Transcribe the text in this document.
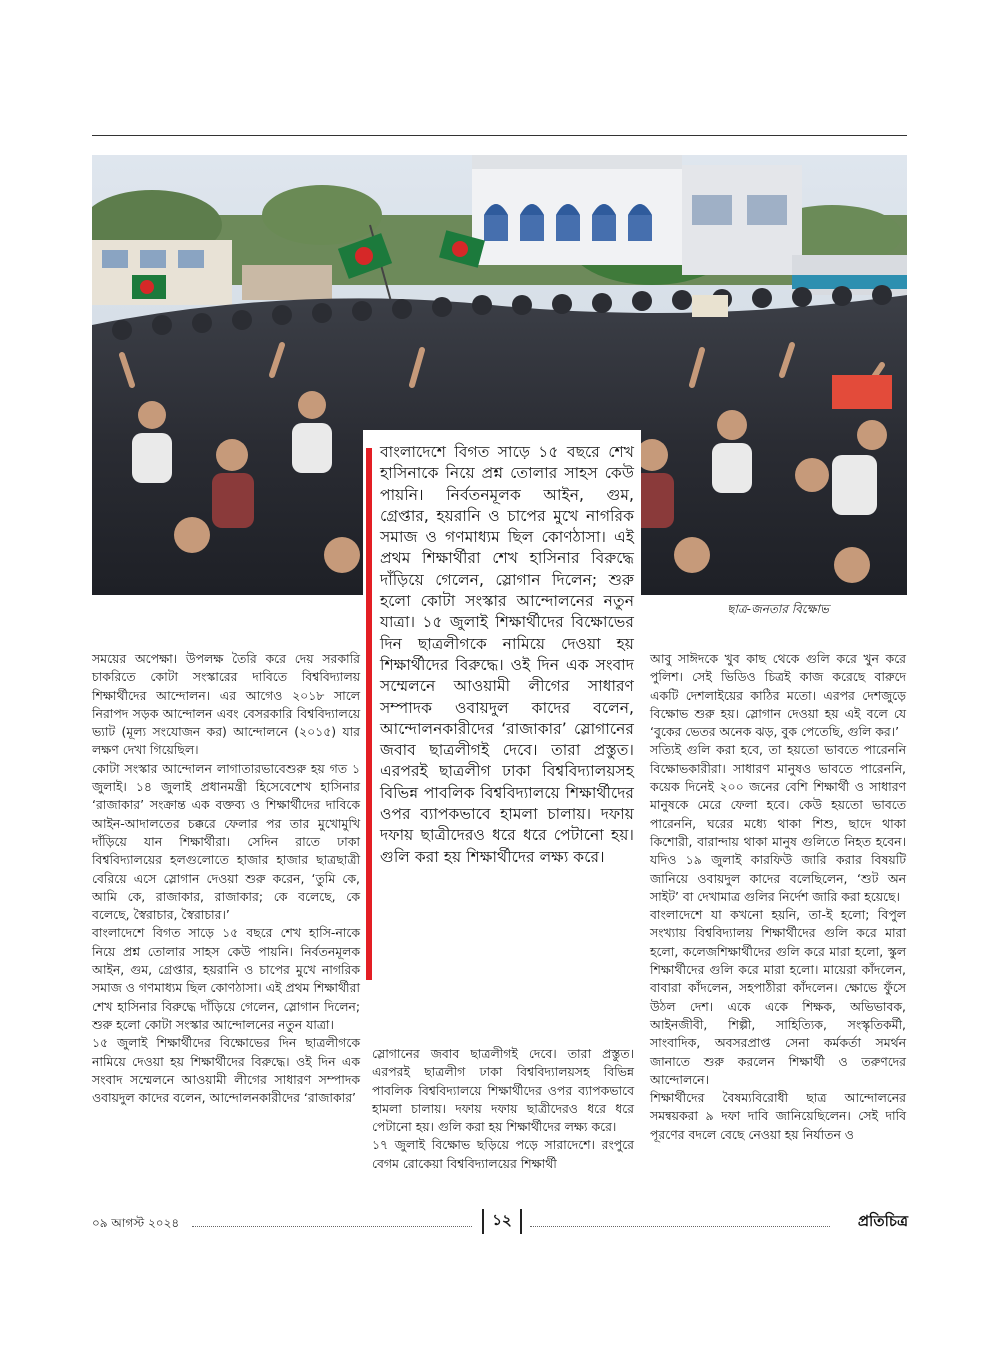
ছাত্র-জনতার বিক্ষোভ

সময়ের অপেক্ষা। উপলক্ষ তৈরি করে দেয় সরকারি চাকরিতে কোটা সংস্কারের দাবিতে বিশ্ববিদ্যালয় শিক্ষার্থীদের আন্দোলন। এর আগেও ২০১৮ সালে নিরাপদ সড়ক আন্দোলন এবং বেসরকারি বিশ্ববিদ্যালয়ে ভ্যাট (মূল্য সংযোজন কর) আন্দোলনে (২০১৫) যার লক্ষণ দেখা গিয়েছিল।

কোটা সংস্কার আন্দোলন লাগাতারভাবেশুরু হয় গত ১ জুলাই। ১৪ জুলাই প্রধানমন্ত্রী হিসেবেশেখ হাসিনার ‘রাজাকার’ সংক্রান্ত এক বক্তব্য ও শিক্ষার্থীদের দাবিকে আইন-আদালতের চক্করে ফেলার পর তার মুখোমুখি দাঁড়িয়ে যান শিক্ষার্থীরা। সেদিন রাতে ঢাকা বিশ্ববিদ্যালয়ের হলগুলোতে হাজার হাজার ছাত্রছাত্রী বেরিয়ে এসে স্লোগান দেওয়া শুরু করেন, ‘তুমি কে, আমি কে, রাজাকার, রাজাকার; কে বলেছে, কে বলেছে, স্বৈরাচার, স্বৈরাচার।’

বাংলাদেশে বিগত সাড়ে ১৫ বছরে শেখ হাসি-নাকে নিয়ে প্রশ্ন তোলার সাহস কেউ পায়নি। নির্বতনমূলক আইন, গুম, গ্রেপ্তার, হয়রানি ও চাপের মুখে নাগরিক সমাজ ও গণমাধ্যম ছিল কোণঠাসা। এই প্রথম শিক্ষার্থীরা শেখ হাসিনার বিরুদ্ধে দাঁড়িয়ে গেলেন, স্লোগান দিলেন; শুরু হলো কোটা সংস্কার আন্দোলনের নতুন যাত্রা।

১৫ জুলাই শিক্ষার্থীদের বিক্ষোভের দিন ছাত্রলীগকে নামিয়ে দেওয়া হয় শিক্ষার্থীদের বিরুদ্ধে। ওই দিন এক সংবাদ সম্মেলনে আওয়ামী লীগের সাধারণ সম্পাদক ওবায়দুল কাদের বলেন, আন্দোলনকারীদের ‘রাজাকার’

বাংলাদেশে বিগত সাড়ে ১৫ বছরে শেখ হাসিনাকে নিয়ে প্রশ্ন তোলার সাহস কেউ পায়নি। নির্বতনমূলক আইন, গুম, গ্রেপ্তার, হয়রানি ও চাপের মুখে নাগরিক সমাজ ও গণমাধ্যম ছিল কোণঠাসা। এই প্রথম শিক্ষার্থীরা শেখ হাসিনার বিরুদ্ধে দাঁড়িয়ে গেলেন, স্লোগান দিলেন; শুরু হলো কোটা সংস্কার আন্দোলনের নতুন যাত্রা। ১৫ জুলাই শিক্ষার্থীদের বিক্ষোভের দিন ছাত্রলীগকে নামিয়ে দেওয়া হয় শিক্ষার্থীদের বিরুদ্ধে। ওই দিন এক সংবাদ সম্মেলনে আওয়ামী লীগের সাধারণ সম্পাদক ওবায়দুল কাদের বলেন, আন্দোলনকারীদের ‘রাজাকার’ স্লোগানের জবাব ছাত্রলীগই দেবে। তারা প্রস্তুত। এরপরই ছাত্রলীগ ঢাকা বিশ্ববিদ্যালয়সহ বিভিন্ন পাবলিক বিশ্ববিদ্যালয়ে শিক্ষার্থীদের ওপর ব্যাপকভাবে হামলা চালায়। দফায় দফায় ছাত্রীদেরও ধরে ধরে পেটানো হয়। গুলি করা হয় শিক্ষার্থীদের লক্ষ্য করে।

স্লোগানের জবাব ছাত্রলীগই দেবে। তারা প্রস্তুত। এরপরই ছাত্রলীগ ঢাকা বিশ্ববিদ্যালয়সহ বিভিন্ন পাবলিক বিশ্ববিদ্যালয়ে শিক্ষার্থীদের ওপর ব্যাপকভাবে হামলা চালায়। দফায় দফায় ছাত্রীদেরও ধরে ধরে পেটানো হয়। গুলি করা হয় শিক্ষার্থীদের লক্ষ্য করে।

১৭ জুলাই বিক্ষোভ ছড়িয়ে পড়ে সারাদেশে। রংপুরে বেগম রোকেয়া বিশ্ববিদ্যালয়ের শিক্ষার্থী

আবু সাঈদকে খুব কাছ থেকে গুলি করে খুন করে পুলিশ। সেই ভিডিও চিত্রই কাজ করেছে বারুদে একটি দেশলাইয়ের কাঠির মতো। এরপর দেশজুড়ে বিক্ষোভ শুরু হয়। স্লোগান দেওয়া হয় এই বলে যে ‘বুকের ভেতর অনেক ঝড়, বুক পেতেছি, গুলি কর।’

সত্যিই গুলি করা হবে, তা হয়তো ভাবতে পারেননি বিক্ষোভকারীরা। সাধারণ মানুষও ভাবতে পারেননি, কয়েক দিনেই ২০০ জনের বেশি শিক্ষার্থী ও সাধারণ মানুষকে মেরে ফেলা হবে। কেউ হয়তো ভাবতে পারেননি, ঘরের মধ্যে থাকা শিশু, ছাদে থাকা কিশোরী, বারান্দায় থাকা মানুষ গুলিতে নিহত হবেন। যদিও ১৯ জুলাই কারফিউ জারি করার বিষয়টি জানিয়ে ওবায়দুল কাদের বলেছিলেন, ‘শুট অন সাইট’ বা দেখামাত্র গুলির নির্দেশ জারি করা হয়েছে।

বাংলাদেশে যা কখনো হয়নি, তা-ই হলো; বিপুল সংখ্যায় বিশ্ববিদ্যালয় শিক্ষার্থীদের গুলি করে মারা হলো, কলেজশিক্ষার্থীদের গুলি করে মারা হলো, স্কুল শিক্ষার্থীদের গুলি করে মারা হলো। মায়েরা কাঁদলেন, বাবারা কাঁদলেন, সহপাঠীরা কাঁদলেন। ক্ষোভে ফুঁসে উঠল দেশ। একে একে শিক্ষক, অভিভাবক, আইনজীবী, শিল্পী, সাহিত্যিক, সংস্কৃতিকর্মী, সাংবাদিক, অবসরপ্রাপ্ত সেনা কর্মকর্তা সমর্থন জানাতে শুরু করলেন শিক্ষার্থী ও তরুণদের আন্দোলনে।

শিক্ষার্থীদের বৈষম্যবিরোধী ছাত্র আন্দোলনের সমন্বয়করা ৯ দফা দাবি জানিয়েছিলেন। সেই দাবি পূরণের বদলে বেছে নেওয়া হয় নির্যাতন ও

০৯ আগস্ট ২০২৪	১২	প্রতিচিত্র
